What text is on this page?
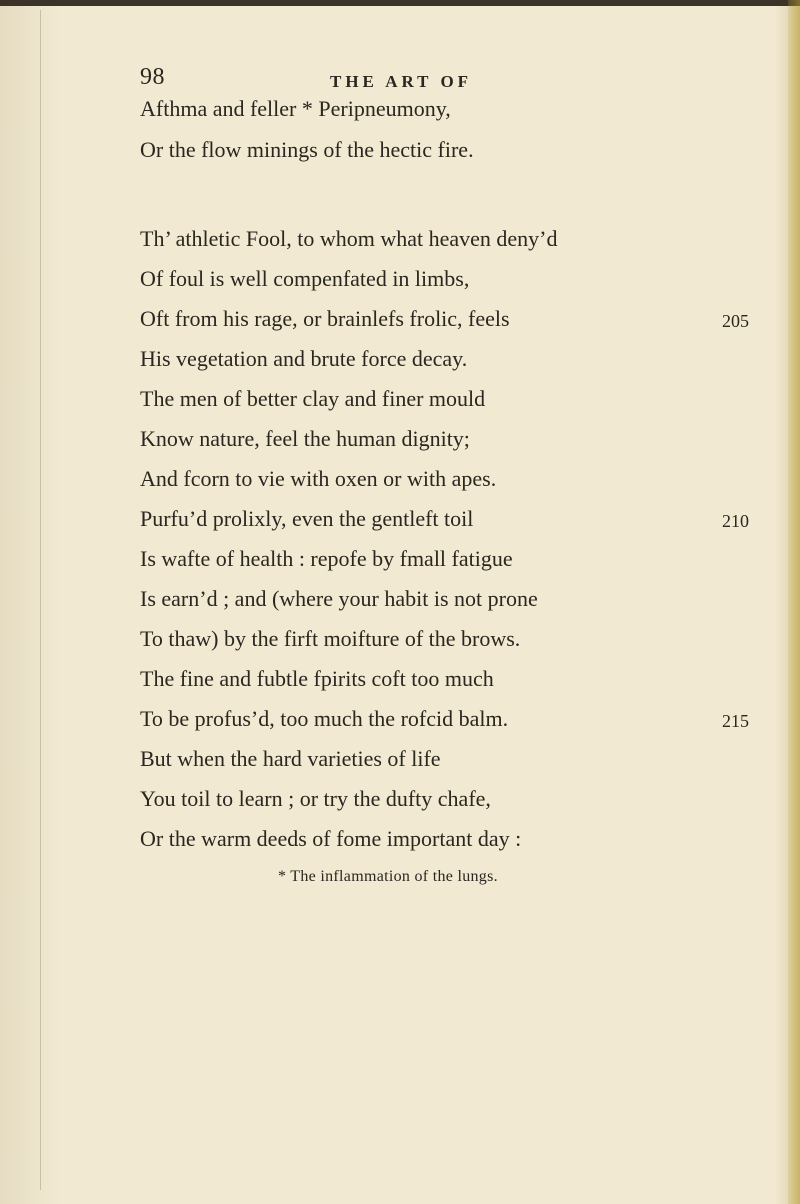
98	THE ART OF
Afthma and feller * Peripneumony,
Or the flow minings of the hectic fire.
Th’ athletic Fool, to whom what heaven deny’d
Of foul is well compenfated in limbs,
Oft from his rage, or brainlefs frolic, feels	205
His vegetation and brute force decay.
The men of better clay and finer mould
Know nature, feel the human dignity;
And fcorn to vie with oxen or with apes.
Purfu’d prolixly, even the gentleft toil	210
Is wafte of health : repofe by fmall fatigue
Is earn’d ; and (where your habit is not prone
To thaw) by the firft moifture of the brows.
The fine and fubtle fpirits coft too much
To be profus’d, too much the rofcid balm.	215
But when the hard varieties of life
You toil to learn ; or try the dufty chafe,
Or the warm deeds of fome important day :
* The inflammation of the lungs.
